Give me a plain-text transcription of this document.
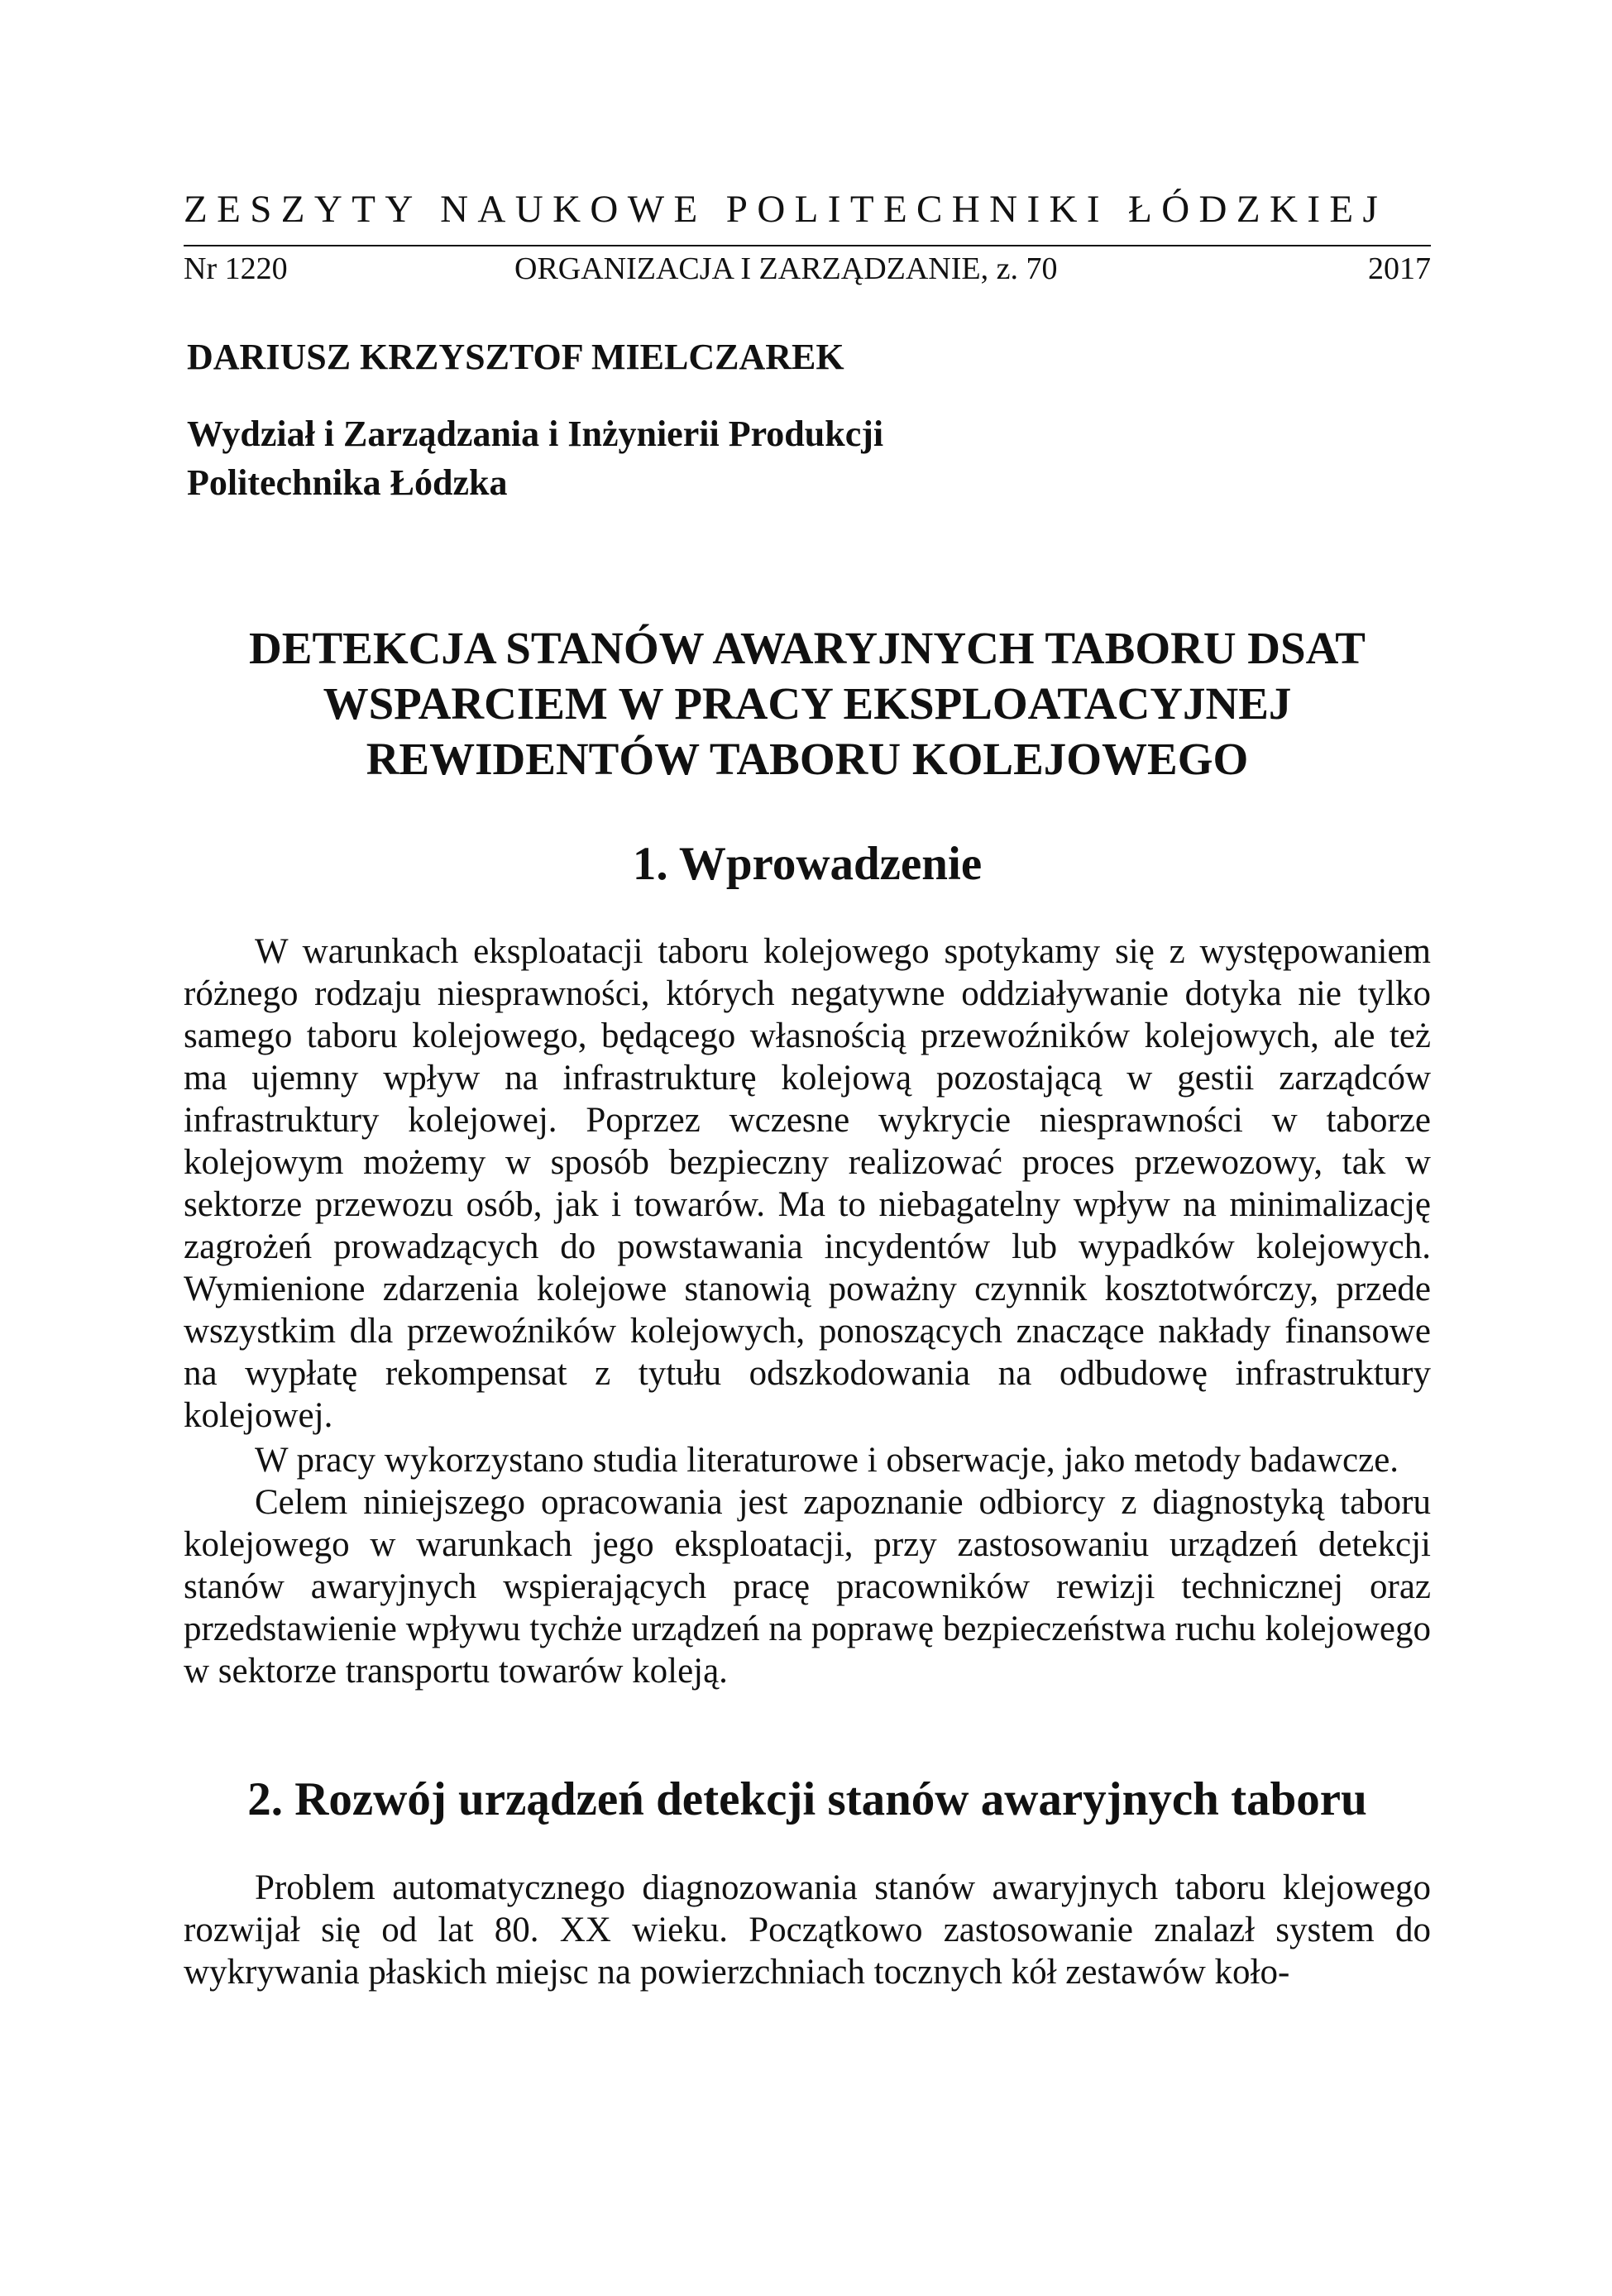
ZESZYTY NAUKOWE POLITECHNIKI ŁÓDZKIEJ
Nr 1220	ORGANIZACJA I ZARZĄDZANIE, z. 70	2017
DARIUSZ KRZYSZTOF MIELCZAREK
Wydział i Zarządzania i Inżynierii Produkcji
Politechnika Łódzka
DETEKCJA STANÓW AWARYJNYCH TABORU DSAT
WSPARCIEM W PRACY EKSPLOATACYJNEJ
REWIDENTÓW TABORU KOLEJOWEGO
1. Wprowadzenie

W warunkach eksploatacji taboru kolejowego spotykamy się z występowaniem różnego rodzaju niesprawności, których negatywne oddziaływanie dotyka nie tylko samego taboru kolejowego, będącego własnością przewoźników kolejowych, ale też ma ujemny wpływ na infrastrukturę kolejową pozostającą w gestii zarządców infrastruktury kolejowej. Poprzez wczesne wykrycie niesprawności w taborze kolejowym możemy w sposób bezpieczny realizować proces przewozowy, tak w sektorze przewozu osób, jak i towarów. Ma to niebagatelny wpływ na minimalizację zagrożeń prowadzących do powstawania incydentów lub wypadków kolejowych. Wymienione zdarzenia kolejowe stanowią poważny czynnik kosztotwórczy, przede wszystkim dla przewoźników kolejowych, ponoszących znaczące nakłady finansowe na wypłatę rekompensat z tytułu odszkodowania na odbudowę infrastruktury kolejowej.

W pracy wykorzystano studia literaturowe i obserwacje, jako metody badawcze.

Celem niniejszego opracowania jest zapoznanie odbiorcy z diagnostyką taboru kolejowego w warunkach jego eksploatacji, przy zastosowaniu urządzeń detekcji stanów awaryjnych wspierających pracę pracowników rewizji technicznej oraz przedstawienie wpływu tychże urządzeń na poprawę bezpieczeństwa ruchu kolejowego w sektorze transportu towarów koleją.

2. Rozwój urządzeń detekcji stanów awaryjnych taboru

Problem automatycznego diagnozowania stanów awaryjnych taboru klejowego rozwijał się od lat 80. XX wieku. Początkowo zastosowanie znalazł system do wykrywania płaskich miejsc na powierzchniach tocznych kół zestawów koło-
